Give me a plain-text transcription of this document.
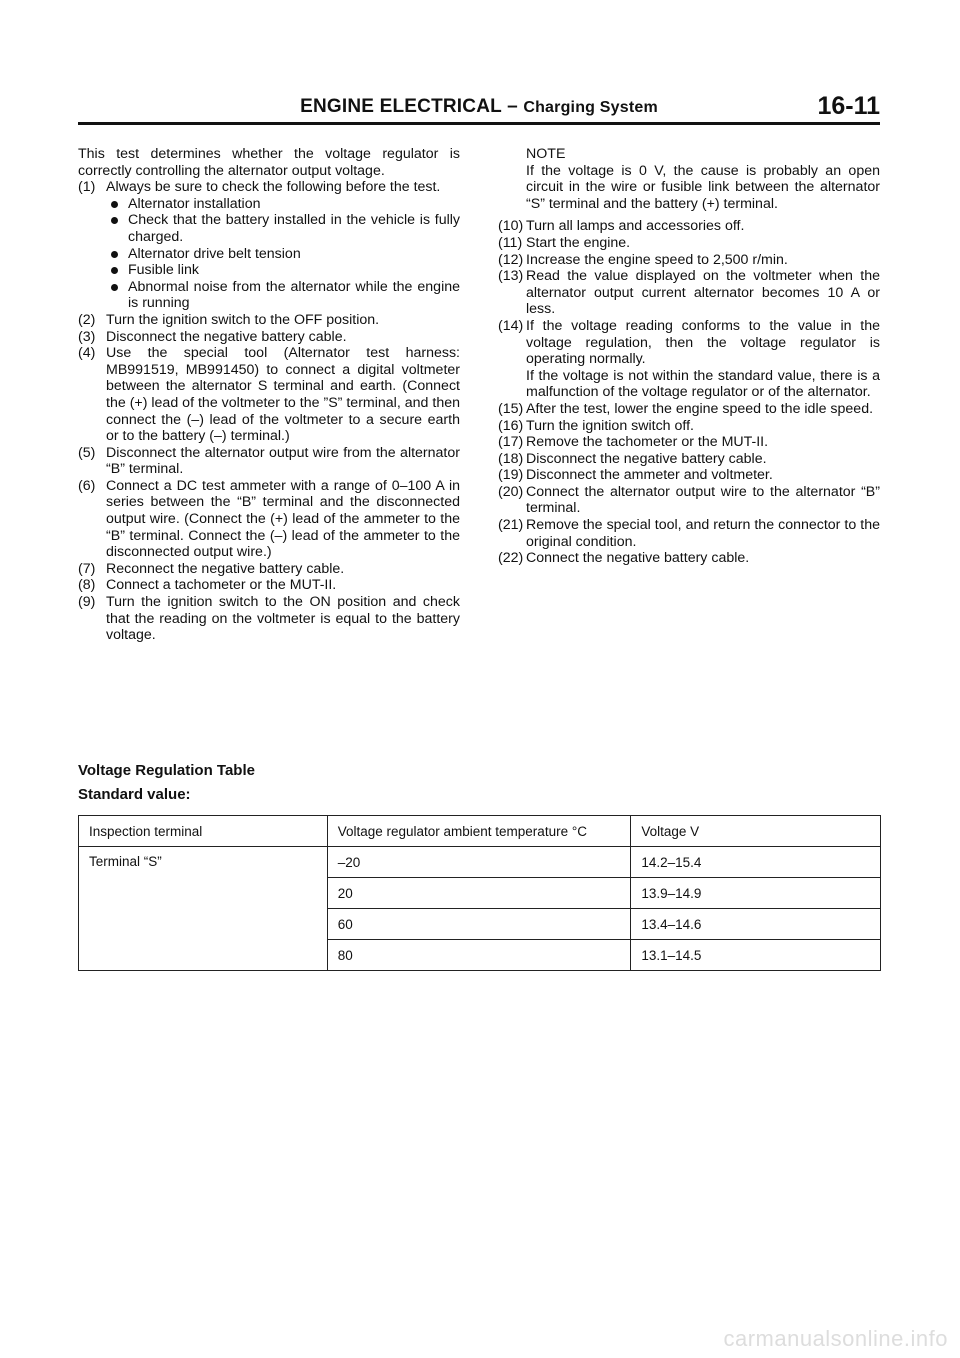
ENGINE ELECTRICAL – Charging System	16-11

This test determines whether the voltage regulator is correctly controlling the alternator output voltage.

(1) Always be sure to check the following before the test.
Alternator installation
Check that the battery installed in the vehicle is fully charged.
Alternator drive belt tension
Fusible link
Abnormal noise from the alternator while the engine is running
(2) Turn the ignition switch to the OFF position.
(3) Disconnect the negative battery cable.
(4) Use the special tool (Alternator test harness: MB991519, MB991450) to connect a digital voltmeter between the alternator S terminal and earth. (Connect the (+) lead of the voltmeter to the ”S” terminal, and then connect the (–) lead of the voltmeter to a secure earth or to the battery (–) terminal.)
(5) Disconnect the alternator output wire from the alternator “B” terminal.
(6) Connect a DC test ammeter with a range of 0–100 A in series between the “B” terminal and the disconnected output wire. (Connect the (+) lead of the ammeter to the “B” terminal. Connect the (–) lead of the ammeter to the disconnected output wire.)
(7) Reconnect the negative battery cable.
(8) Connect a tachometer or the MUT-II.
(9) Turn the ignition switch to the ON position and check that the reading on the voltmeter is equal to the battery voltage.
NOTE
If the voltage is 0 V, the cause is probably an open circuit in the wire or fusible link between the alternator “S” terminal and the battery (+) terminal.
(10) Turn all lamps and accessories off.
(11) Start the engine.
(12) Increase the engine speed to 2,500 r/min.
(13) Read the value displayed on the voltmeter when the alternator output current alternator becomes 10 A or less.
(14) If the voltage reading conforms to the value in the voltage regulation, then the voltage regulator is operating normally.
If the voltage is not within the standard value, there is a malfunction of the voltage regulator or of the alternator.
(15) After the test, lower the engine speed to the idle speed.
(16) Turn the ignition switch off.
(17) Remove the tachometer or the MUT-II.
(18) Disconnect the negative battery cable.
(19) Disconnect the ammeter and voltmeter.
(20) Connect the alternator output wire to the alternator “B” terminal.
(21) Remove the special tool, and return the connector to the original condition.
(22) Connect the negative battery cable.
Voltage Regulation Table
Standard value:
Inspection terminal	Voltage regulator ambient temperature °C	Voltage V
Terminal “S”	–20	14.2–15.4
	20	13.9–14.9
	60	13.4–14.6
	80	13.1–14.5
carmanualsonline.info
